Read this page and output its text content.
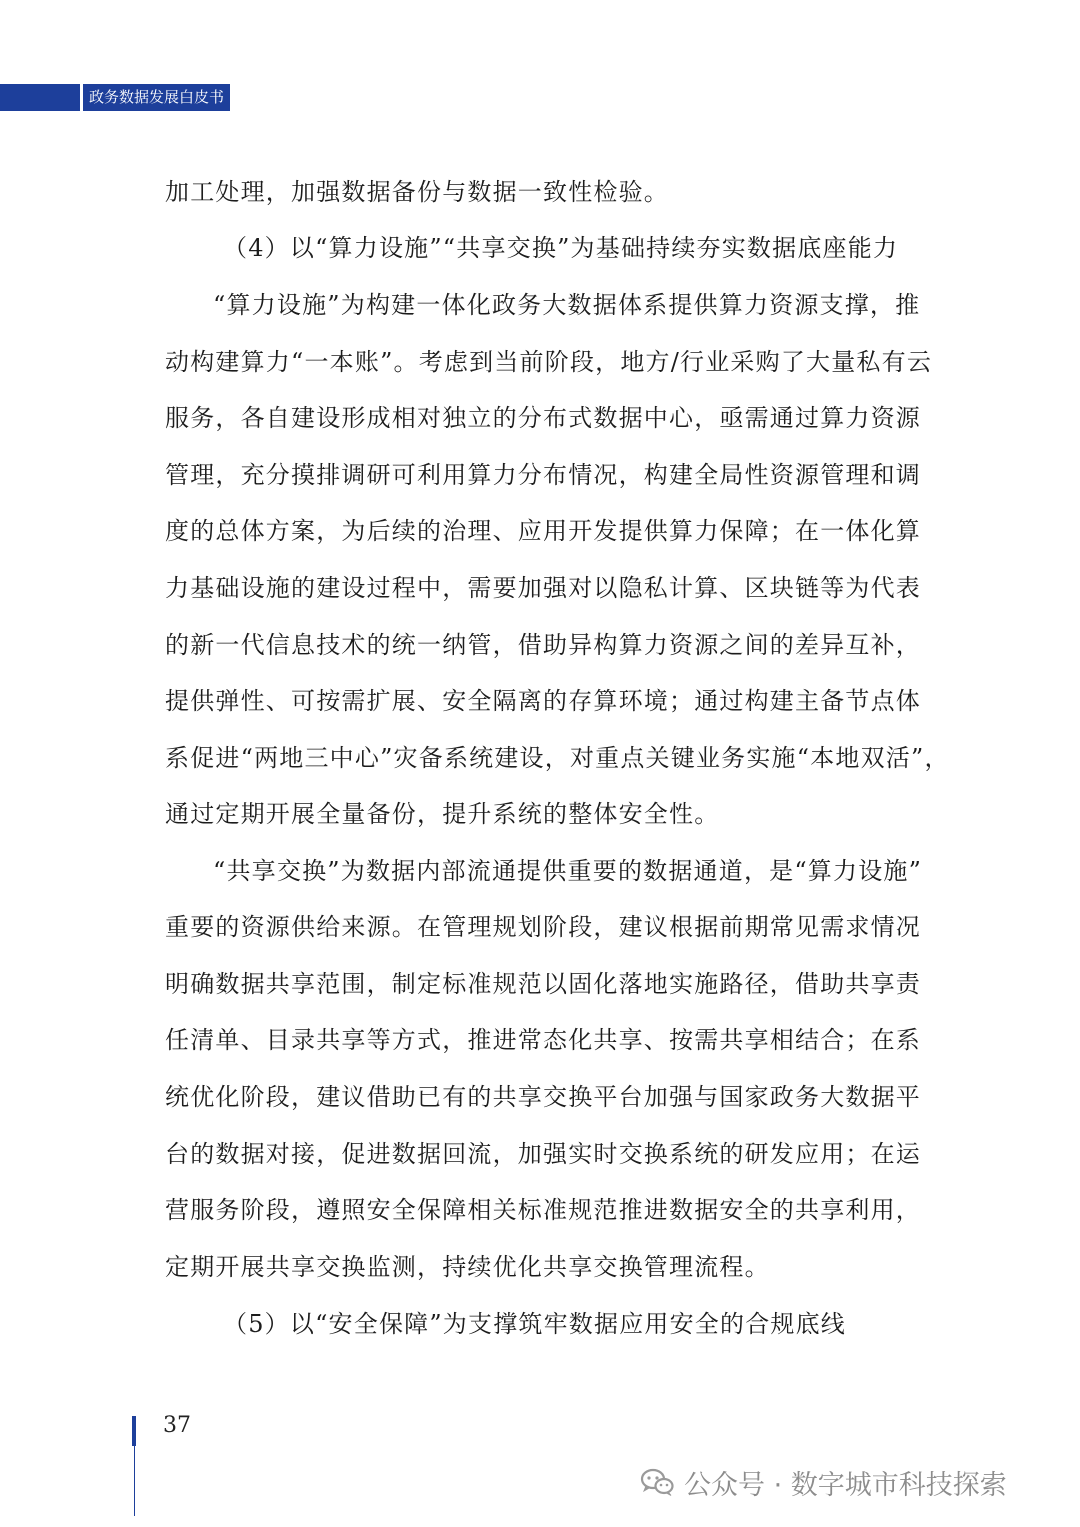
政务数据发展白皮书
加工处理，加强数据备份与数据一致性检验。
（4）以“算力设施”“共享交换”为基础持续夯实数据底座能力
“算力设施”为构建一体化政务大数据体系提供算力资源支撑，推
动构建算力“一本账”。考虑到当前阶段，地方/行业采购了大量私有云
服务，各自建设形成相对独立的分布式数据中心，亟需通过算力资源
管理，充分摸排调研可利用算力分布情况，构建全局性资源管理和调
度的总体方案，为后续的治理、应用开发提供算力保障；在一体化算
力基础设施的建设过程中，需要加强对以隐私计算、区块链等为代表
的新一代信息技术的统一纳管，借助异构算力资源之间的差异互补，
提供弹性、可按需扩展、安全隔离的存算环境；通过构建主备节点体
系促进“两地三中心”灾备系统建设，对重点关键业务实施“本地双活”，
通过定期开展全量备份，提升系统的整体安全性。
“共享交换”为数据内部流通提供重要的数据通道，是“算力设施”
重要的资源供给来源。在管理规划阶段，建议根据前期常见需求情况
明确数据共享范围，制定标准规范以固化落地实施路径，借助共享责
任清单、目录共享等方式，推进常态化共享、按需共享相结合；在系
统优化阶段，建议借助已有的共享交换平台加强与国家政务大数据平
台的数据对接，促进数据回流，加强实时交换系统的研发应用；在运
营服务阶段，遵照安全保障相关标准规范推进数据安全的共享利用，
定期开展共享交换监测，持续优化共享交换管理流程。
（5）以“安全保障”为支撑筑牢数据应用安全的合规底线
37
公众号 · 数字城市科技探索
